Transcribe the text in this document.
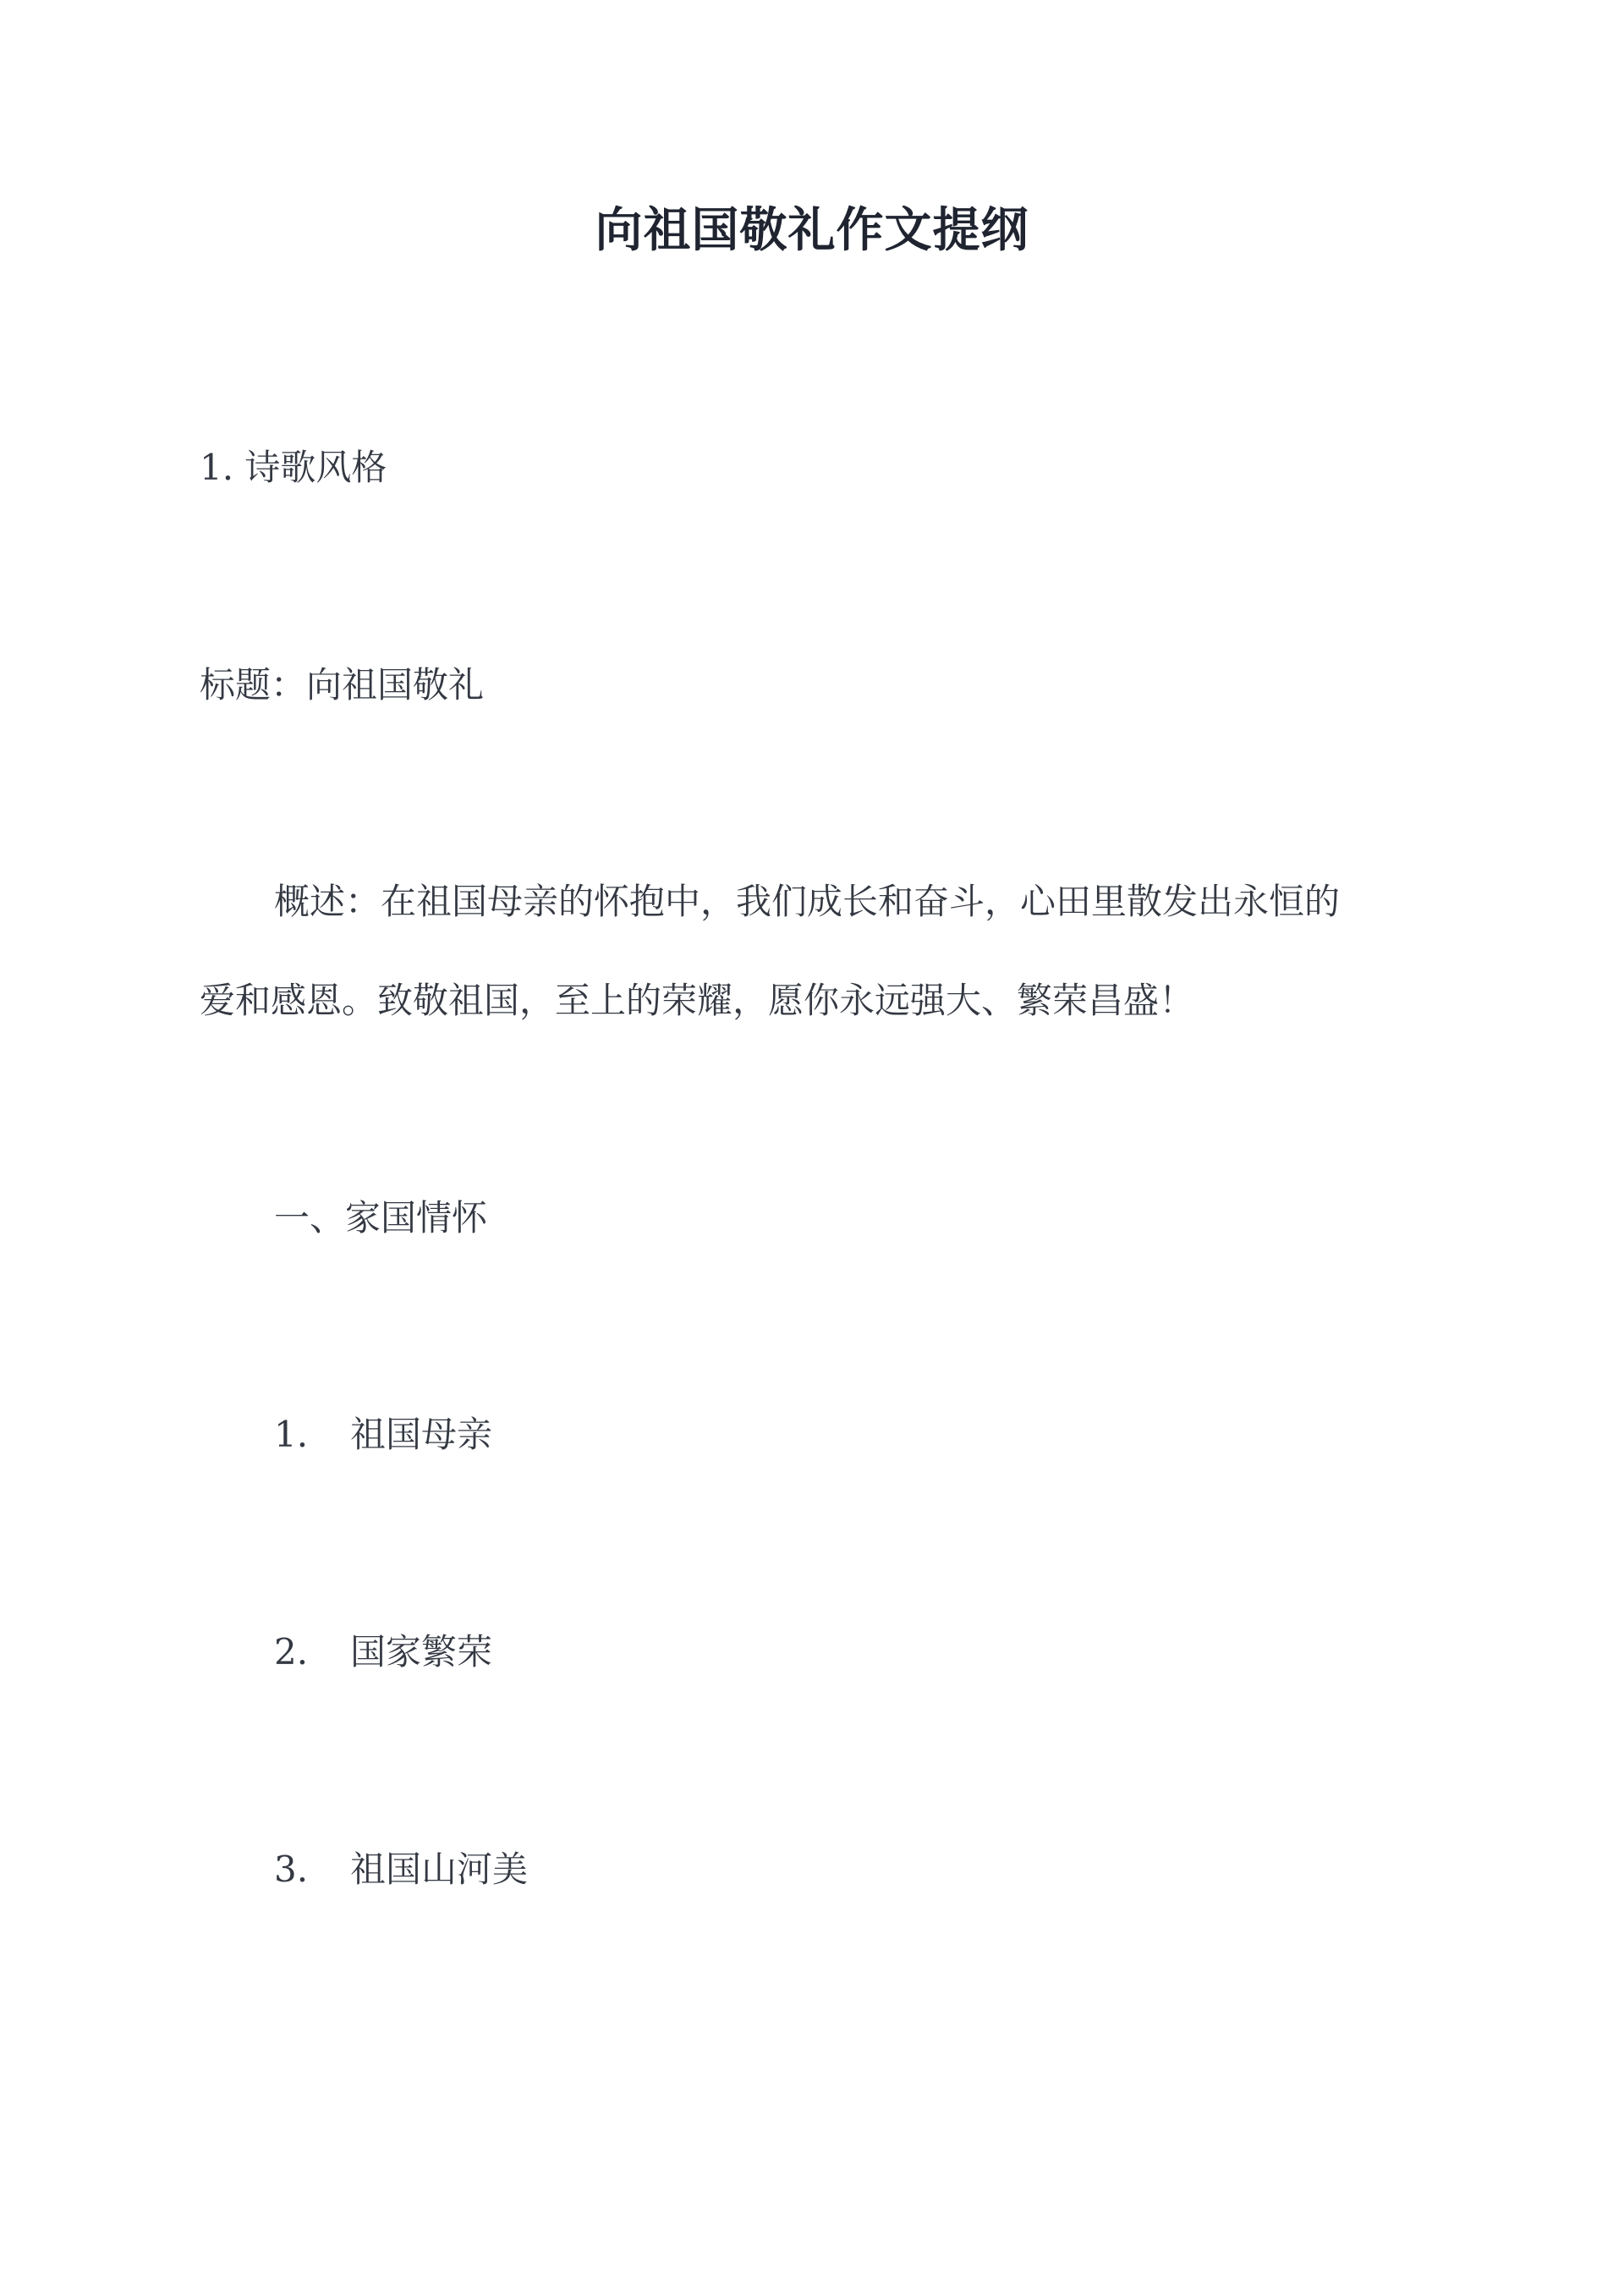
向祖国敬礼作文提纲
1. 诗歌风格
标题：向祖国敬礼
概述：在祖国母亲的怀抱中，我们成长和奋斗，心田里散发出永恒的
爱和感恩。致敬祖国，至上的荣耀，愿你永远强大、繁荣昌盛！
一、家国情怀
1. 祖国母亲
2. 国家繁荣
3. 祖国山河美
